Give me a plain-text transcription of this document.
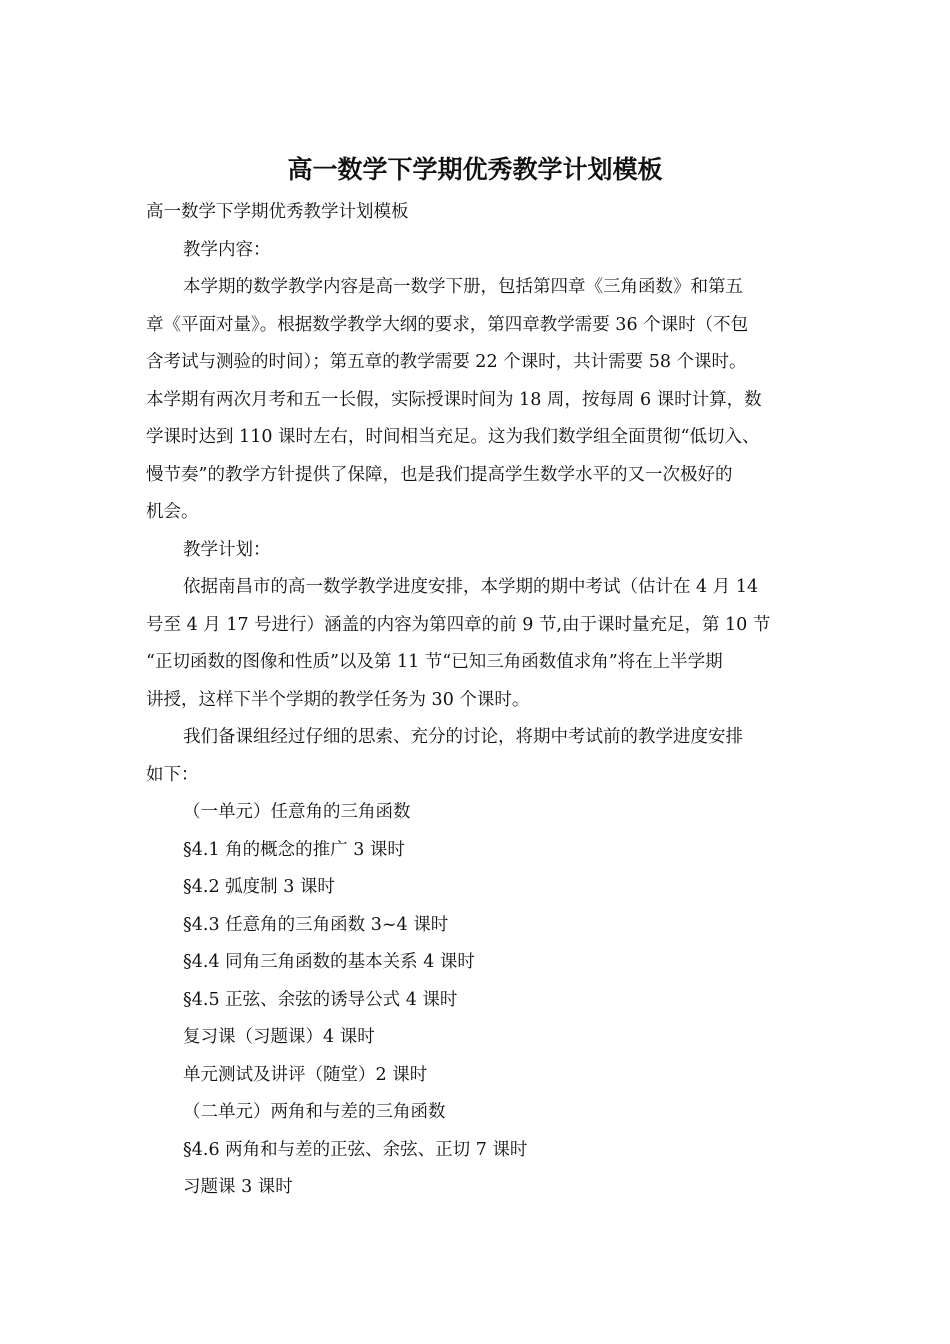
高一数学下学期优秀教学计划模板
高一数学下学期优秀教学计划模板
教学内容：
本学期的数学教学内容是高一数学下册，包括第四章《三角函数》和第五
章《平面对量》。根据数学教学大纲的要求，第四章教学需要 36 个课时（不包
含考试与测验的时间）；第五章的教学需要 22 个课时，共计需要 58 个课时。
本学期有两次月考和五一长假，实际授课时间为 18 周，按每周 6 课时计算，数
学课时达到 110 课时左右，时间相当充足。这为我们数学组全面贯彻“低切入、
慢节奏”的教学方针提供了保障，也是我们提高学生数学水平的又一次极好的
机会。
教学计划：
依据南昌市的高一数学教学进度安排，本学期的期中考试（估计在 4 月 14
号至 4 月 17 号进行）涵盖的内容为第四章的前 9 节,由于课时量充足，第 10 节
“正切函数的图像和性质”以及第 11 节“已知三角函数值求角”将在上半学期
讲授，这样下半个学期的教学任务为 30 个课时。
我们备课组经过仔细的思索、充分的讨论，将期中考试前的教学进度安排
如下：
（一单元）任意角的三角函数
§4.1 角的概念的推广 3 课时
§4.2 弧度制 3 课时
§4.3 任意角的三角函数 3~4 课时
§4.4 同角三角函数的基本关系 4 课时
§4.5 正弦、余弦的诱导公式 4 课时
复习课（习题课）4 课时
单元测试及讲评（随堂）2 课时
（二单元）两角和与差的三角函数
§4.6 两角和与差的正弦、余弦、正切 7 课时
习题课 3 课时
